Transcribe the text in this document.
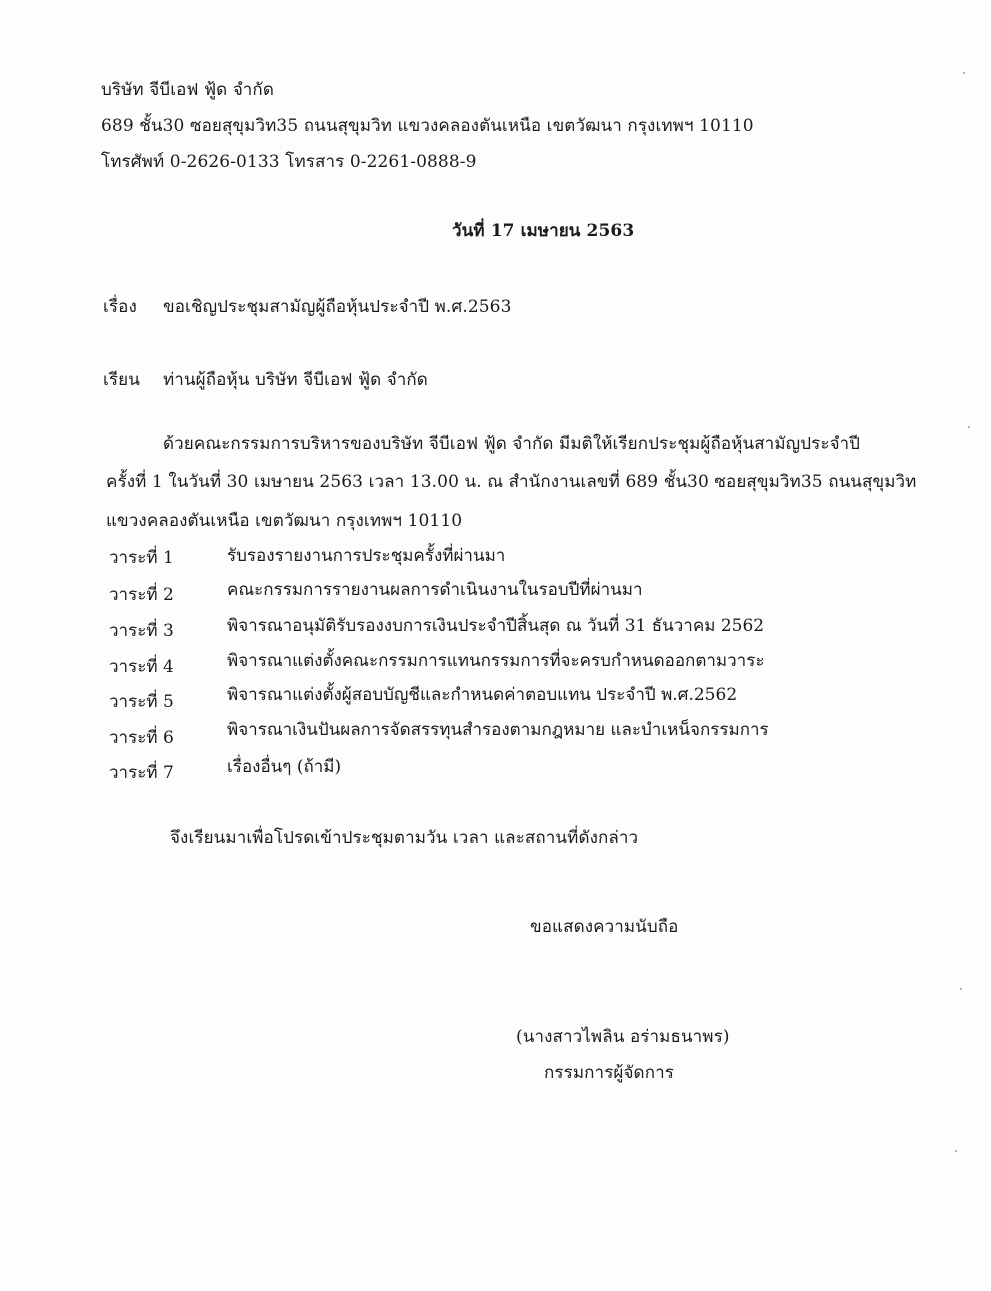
บริษัท จีบีเอฟ ฟู้ด จำกัด
689 ชั้น30 ซอยสุขุมวิท35 ถนนสุขุมวิท แขวงคลองตันเหนือ เขตวัฒนา กรุงเทพฯ 10110
โทรศัพท์ 0-2626-0133 โทรสาร 0-2261-0888-9
วันที่ 17 เมษายน 2563
เรื่อง ขอเชิญประชุมสามัญผู้ถือหุ้นประจำปี พ.ศ.2563
เรียน ท่านผู้ถือหุ้น บริษัท จีบีเอฟ ฟู้ด จำกัด
ด้วยคณะกรรมการบริหารของบริษัท จีบีเอฟ ฟู้ด จำกัด มีมติให้เรียกประชุมผู้ถือหุ้นสามัญประจำปี
ครั้งที่ 1 ในวันที่ 30 เมษายน 2563 เวลา 13.00 น. ณ สำนักงานเลขที่ 689 ชั้น30 ซอยสุขุมวิท35 ถนนสุขุมวิท
แขวงคลองตันเหนือ เขตวัฒนา กรุงเทพฯ 10110
วาระที่ 1	รับรองรายงานการประชุมครั้งที่ผ่านมา
วาระที่ 2	คณะกรรมการรายงานผลการดำเนินงานในรอบปีที่ผ่านมา
วาระที่ 3	พิจารณาอนุมัติรับรองงบการเงินประจำปีสิ้นสุด ณ วันที่ 31 ธันวาคม 2562
วาระที่ 4	พิจารณาแต่งตั้งคณะกรรมการแทนกรรมการที่จะครบกำหนดออกตามวาระ
วาระที่ 5	พิจารณาแต่งตั้งผู้สอบบัญชีและกำหนดค่าตอบแทน ประจำปี พ.ศ.2562
วาระที่ 6	พิจารณาเงินปันผลการจัดสรรทุนสำรองตามกฎหมาย และบำเหน็จกรรมการ
วาระที่ 7	เรื่องอื่นๆ (ถ้ามี)
จึงเรียนมาเพื่อโปรดเข้าประชุมตามวัน เวลา และสถานที่ดังกล่าว
ขอแสดงความนับถือ
(นางสาวไพลิน อร่ามธนาพร)
กรรมการผู้จัดการ
